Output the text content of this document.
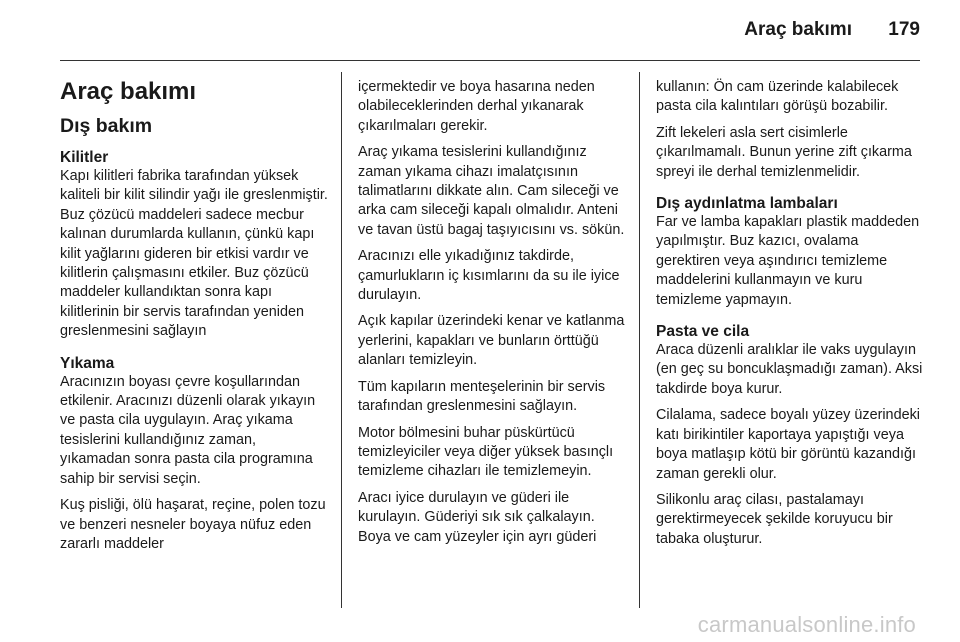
Araç bakımı 179
Araç bakımı
Dış bakım
Kilitler

Kapı kilitleri fabrika tarafından yüksek kaliteli bir kilit silindir yağı ile greslenmiştir. Buz çözücü maddeleri sadece mecbur kalınan durumlarda kullanın, çünkü kapı kilit yağlarını gideren bir etkisi vardır ve kilitlerin çalışmasını etkiler. Buz çözücü maddeler kullandıktan sonra kapı kilitlerinin bir servis tarafından yeniden greslenmesini sağlayın

Yıkama

Aracınızın boyası çevre koşullarından etkilenir. Aracınızı düzenli olarak yıkayın ve pasta cila uygulayın. Araç yıkama tesislerini kullandığınız zaman, yıkamadan sonra pasta cila programına sahip bir servisi seçin.

Kuş pisliği, ölü haşarat, reçine, polen tozu ve benzeri nesneler boyaya nüfuz eden zararlı maddeler

içermektedir ve boya hasarına neden olabileceklerinden derhal yıkanarak çıkarılmaları gerekir.

Araç yıkama tesislerini kullandığınız zaman yıkama cihazı imalatçısının talimatlarını dikkate alın. Cam sileceği ve arka cam sileceği kapalı olmalıdır. Anteni ve tavan üstü bagaj taşıyıcısını vs. sökün.

Aracınızı elle yıkadığınız takdirde, çamurlukların iç kısımlarını da su ile iyice durulayın.

Açık kapılar üzerindeki kenar ve katlanma yerlerini, kapakları ve bunların örttüğü alanları temizleyin.

Tüm kapıların menteşelerinin bir servis tarafından greslenmesini sağlayın.

Motor bölmesini buhar püskürtücü temizleyiciler veya diğer yüksek basınçlı temizleme cihazları ile temizlemeyin.

Aracı iyice durulayın ve güderi ile kurulayın. Güderiyi sık sık çalkalayın. Boya ve cam yüzeyler için ayrı güderi

kullanın: Ön cam üzerinde kalabilecek pasta cila kalıntıları görüşü bozabilir.

Zift lekeleri asla sert cisimlerle çıkarılmamalı. Bunun yerine zift çıkarma spreyi ile derhal temizlenmelidir.

Dış aydınlatma lambaları

Far ve lamba kapakları plastik maddeden yapılmıştır. Buz kazıcı, ovalama gerektiren veya aşındırıcı temizleme maddelerini kullanmayın ve kuru temizleme yapmayın.

Pasta ve cila

Araca düzenli aralıklar ile vaks uygulayın (en geç su boncuklaşmadığı zaman). Aksi takdirde boya kurur.

Cilalama, sadece boyalı yüzey üzerindeki katı birikintiler kaportaya yapıştığı veya boya matlaşıp kötü bir görüntü kazandığı zaman gerekli olur.

Silikonlu araç cilası, pastalamayı gerektirmeyecek şekilde koruyucu bir tabaka oluşturur.

carmanualsonline.info
